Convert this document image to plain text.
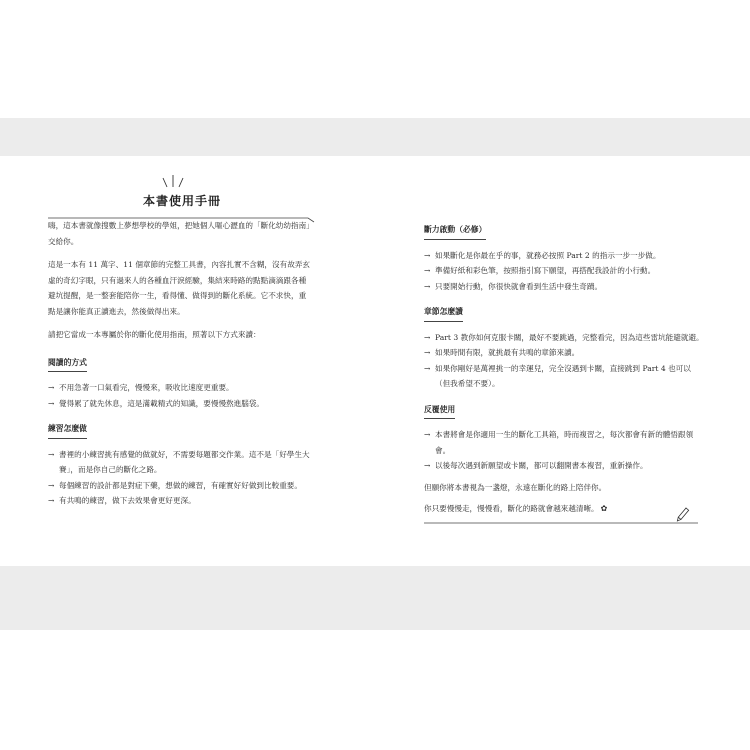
本書使用手冊

嗨，這本書就像搜數上夢想學校的學姐，把她個人嘔心瀝血的「斷化幼幼指南」交給你。

這是一本有 11 萬字、11 個章節的完整工具書，內容扎實不含糊，沒有故弄玄虛的奇幻字眼，只有過來人的各種血汗淚經驗，集結來時路的點點滴滴跟各種避坑提醒，是一整套能陪你一生，看得懂、做得到的斷化系統。它不求快，重點是讓你能真正讀進去，然後做得出來。

請把它當成一本專屬於你的斷化使用指南，照著以下方式來讀：

閱讀的方式

→ 不用急著一口氣看完，慢慢來，吸收比速度更重要。

→ 覺得累了就先休息，這是滿載精式的知識，要慢慢熬進腦袋。

練習怎麼做

→ 書裡的小練習挑有感覺的做就好，不需要每題都交作業。這不是「好學生大賽」，而是你自己的斷化之路。

→ 每個練習的設計都是對症下藥，想做的練習，有確實好好做到比較重要。

→ 有共鳴的練習，做下去效果會更好更深。

斷力啟動（必修）

→ 如果斷化是你最在乎的事，就務必按照 Part 2 的指示一步一步做。

→ 準備好紙和彩色筆，按照指引寫下願望，再搭配我設計的小行動。

→ 只要開始行動，你很快就會看到生活中發生奇蹟。

章節怎麼讀

→ Part 3 教你如何克服卡關，最好不要跳過，完整看完，因為這些雷坑能避就避。

→ 如果時間有限，就挑最有共鳴的章節來讀。

→ 如果你剛好是萬裡挑一的幸運兒，完全沒遇到卡關，直接跳到 Part 4 也可以（但我希望不要）。

反覆使用

→ 本書將會是你適用一生的斷化工具箱，時而複習之，每次都會有新的體悟跟領會。

→ 以後每次遇到新願望或卡關，都可以翻開書本複習，重新操作。

但願你將本書視為一盞燈，永遠在斷化的路上陪伴你。

你只要慢慢走，慢慢看，斷化的路就會越來越清晰。 ✿
